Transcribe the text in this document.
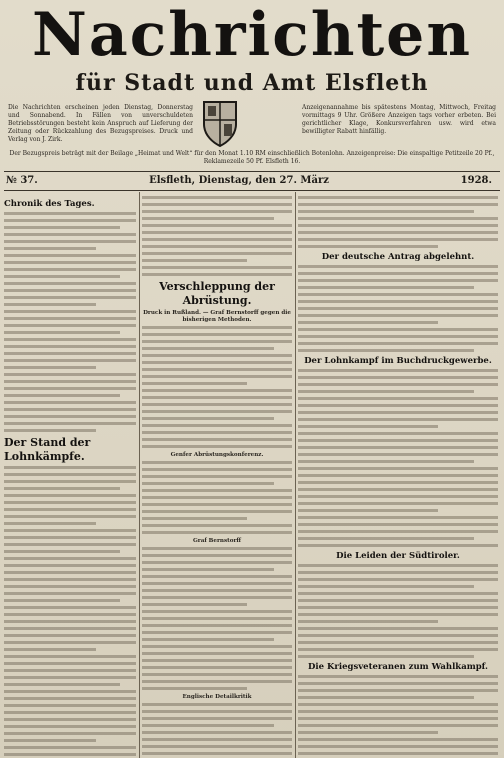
Nachrichten
für Stadt und Amt Elsfleth
Die Nachrichten erscheinen jeden Dienstag, Donnerstag und Sonnabend. In Fällen von unverschuldeten Betriebsstörungen besteht kein Anspruch auf Lieferung der Zeitung oder Rückzahlung des Bezugspreises. Druck und Verlag von J. Zirk.
Anzeigenannahme bis spätestens Montag, Mittwoch, Freitag vormittags 9 Uhr. Größere Anzeigen tags vorher erbeten. Bei gerichtlicher Klage, Konkursverfahren usw. wird etwa bewilligter Rabatt hinfällig.
Der Bezugspreis beträgt mit der Beilage „Heimat und Welt“ für den Monat 1.10 RM einschließlich Botenlohn. Anzeigenpreise: Die einspaltige Petitzeile 20 Pf., Reklamezeile 50 Pf. Elsfleth 16.
№ 37.	Elsfleth, Dienstag, den 27. März	1928.
Chronik des Tages.
Der Stand der Lohnkämpfe.
Verschleppung der Abrüstung.
Druck in Rußland. — Graf Bernstorff gegen die bisherigen Methoden.
Genfer Abrüstungskonferenz.
Graf Bernstorff
Englische Detailkritik
Der deutsche Antrag abgelehnt.
Der Lohnkampf im Buchdruckgewerbe.
Die Leiden der Südtiroler.
Die Kriegsveteranen zum Wahlkampf.
